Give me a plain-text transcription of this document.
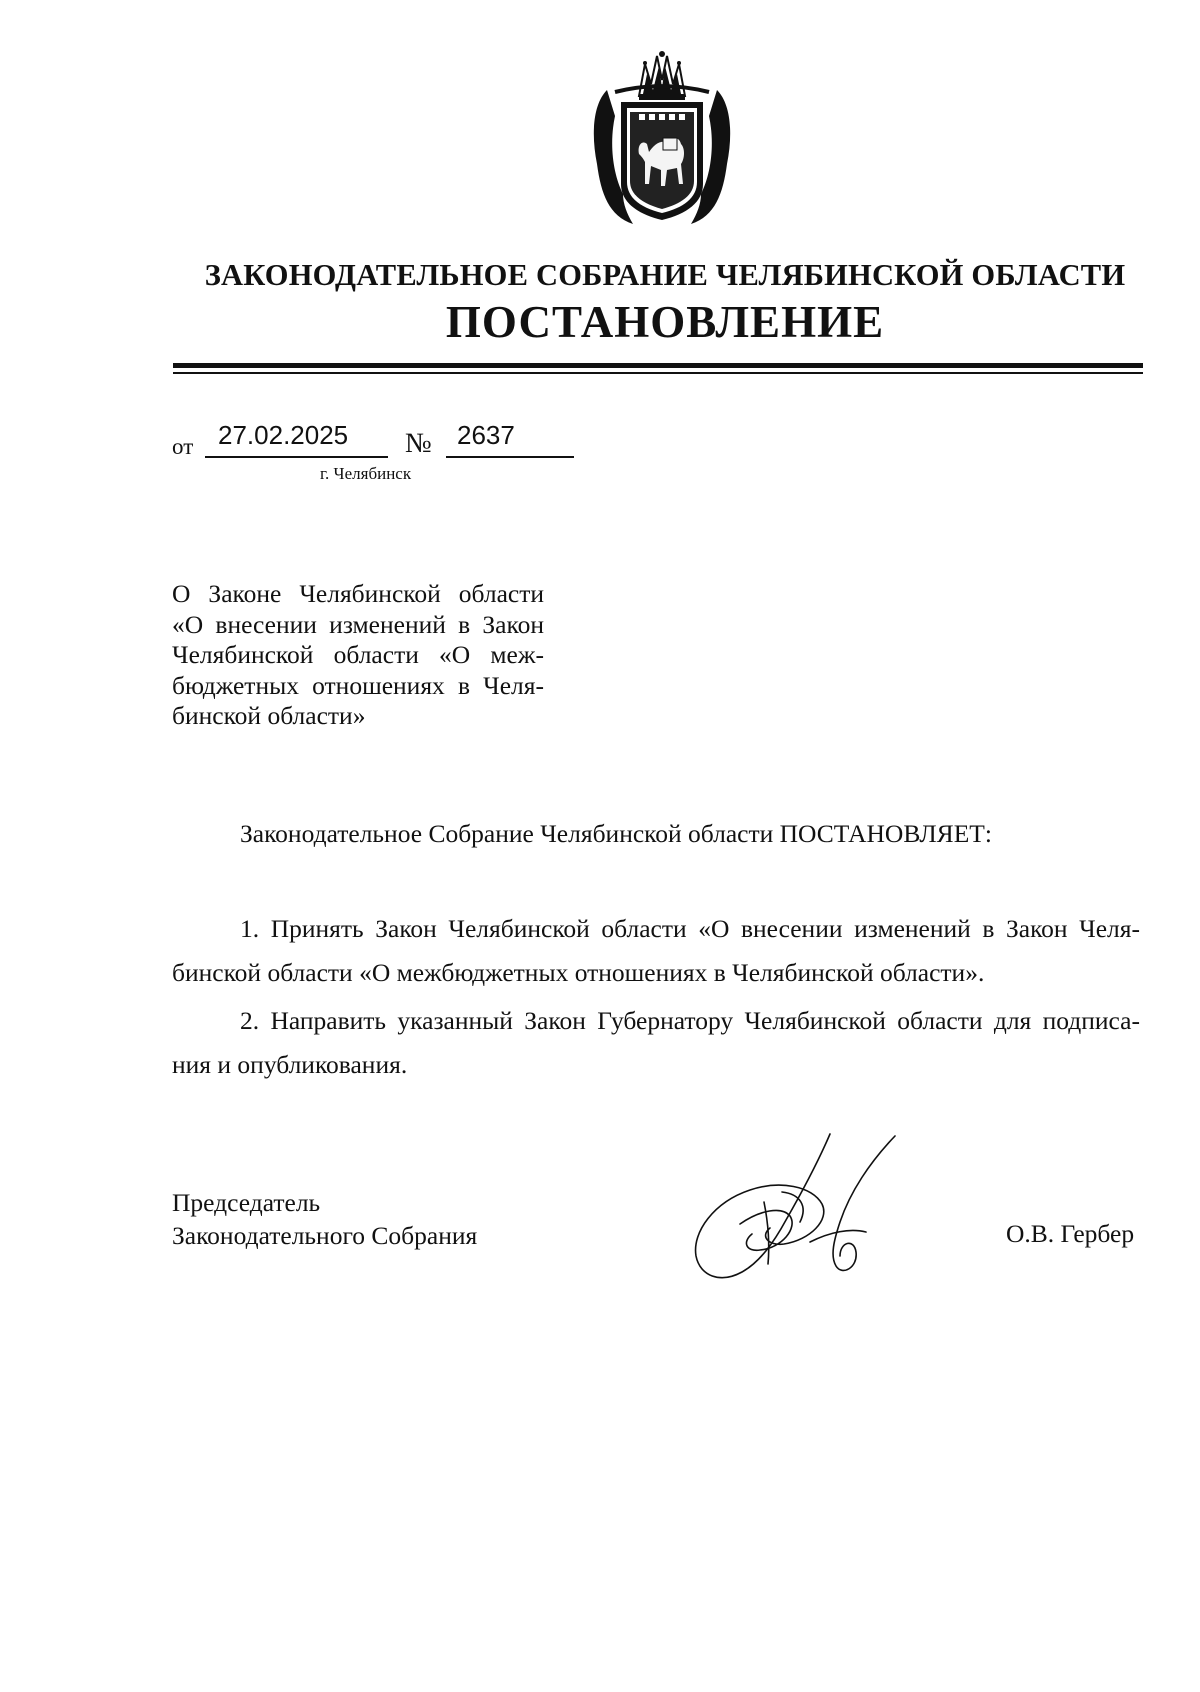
ЗАКОНОДАТЕЛЬНОЕ СОБРАНИЕ ЧЕЛЯБИНСКОЙ ОБЛАСТИ
ПОСТАНОВЛЕНИЕ
от 27.02.2025 № 2637
г. Челябинск
О Законе Челябинской области
«О внесении изменений в Закон
Челябинской области «О меж-
бюджетных отношениях в Челя-
бинской области»
Законодательное Собрание Челябинской области ПОСТАНОВЛЯЕТ:
1. Принять Закон Челябинской области «О внесении изменений в Закон Челя-
бинской области «О межбюджетных отношениях в Челябинской области».
2. Направить указанный Закон Губернатору Челябинской области для подписа-
ния и опубликования.
Председатель
Законодательного Собрания	О.В. Гербер
